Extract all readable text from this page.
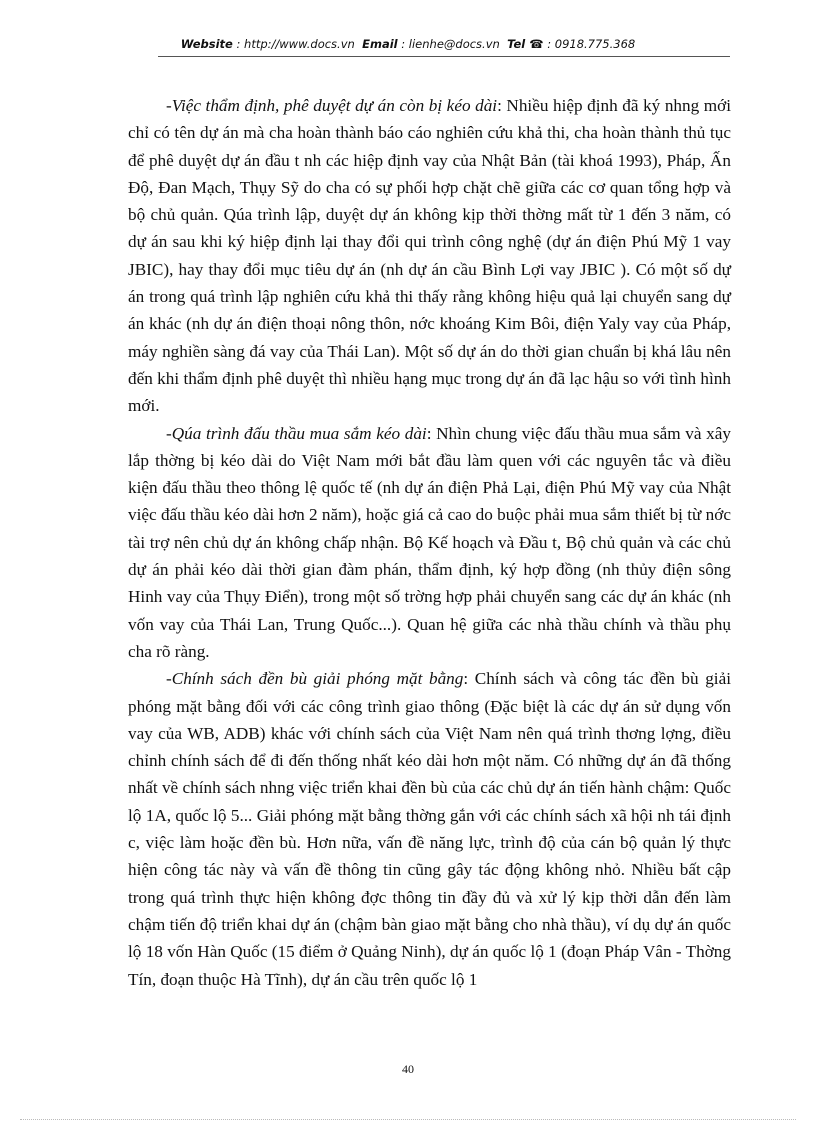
Website : http://www.docs.vn Email : lienhe@docs.vn Tel ☎ : 0918.775.368

-Việc thẩm định, phê duyệt dự án còn bị kéo dài: Nhiều hiệp định đã ký nhng mới chỉ có tên dự án mà cha hoàn thành báo cáo nghiên cứu khả thi, cha hoàn thành thủ tục để phê duyệt dự án đầu t nh các hiệp định vay của Nhật Bản (tài khoá 1993), Pháp, Ấn Độ, Đan Mạch, Thụy Sỹ do cha có sự phối hợp chặt chẽ giữa các cơ quan tổng hợp và bộ chủ quản. Qúa trình lập, duyệt dự án không kịp thời thờng mất từ 1 đến 3 năm, có dự án sau khi ký hiệp định lại thay đổi qui trình công nghệ (dự án điện Phú Mỹ 1 vay JBIC), hay thay đổi mục tiêu dự án (nh dự án cầu Bình Lợi vay JBIC ). Có một số dự án trong quá trình lập nghiên cứu khả thi thấy rằng không hiệu quả lại chuyển sang dự án khác (nh dự án điện thoại nông thôn, nớc khoáng Kim Bôi, điện Yaly vay của Pháp, máy nghiền sàng đá vay của Thái Lan). Một số dự án do thời gian chuẩn bị khá lâu nên đến khi thẩm định phê duyệt thì nhiều hạng mục trong dự án đã lạc hậu so với tình hình mới.

-Qúa trình đấu thầu mua sắm kéo dài: Nhìn chung việc đấu thầu mua sắm và xây lắp thờng bị kéo dài do Việt Nam mới bắt đầu làm quen với các nguyên tắc và điều kiện đấu thầu theo thông lệ quốc tế (nh dự án điện Phả Lại, điện Phú Mỹ vay của Nhật việc đấu thầu kéo dài hơn 2 năm), hoặc giá cả cao do buộc phải mua sắm thiết bị từ nớc tài trợ nên chủ dự án không chấp nhận. Bộ Kế hoạch và Đầu t, Bộ chủ quản và các chủ dự án phải kéo dài thời gian đàm phán, thẩm định, ký hợp đồng (nh thủy điện sông Hinh vay của Thụy Điển), trong một số trờng hợp phải chuyển sang các dự án khác (nh vốn vay của Thái Lan, Trung Quốc...). Quan hệ giữa các nhà thầu chính và thầu phụ cha rõ ràng.

-Chính sách đền bù giải phóng mặt bằng: Chính sách và công tác đền bù giải phóng mặt bằng đối với các công trình giao thông (Đặc biệt là các dự án sử dụng vốn vay của WB, ADB) khác với chính sách của Việt Nam nên quá trình thơng lợng, điều chỉnh chính sách để đi đến thống nhất kéo dài hơn một năm. Có những dự án đã thống nhất về chính sách nhng việc triển khai đền bù của các chủ dự án tiến hành chậm: Quốc lộ 1A, quốc lộ 5... Giải phóng mặt bằng thờng gắn với các chính sách xã hội nh tái định c, việc làm hoặc đền bù. Hơn nữa, vấn đề năng lực, trình độ của cán bộ quản lý thực hiện công tác này và vấn đề thông tin cũng gây tác động không nhỏ. Nhiều bất cập trong quá trình thực hiện không đợc thông tin đầy đủ và xử lý kịp thời dẫn đến làm chậm tiến độ triển khai dự án (chậm bàn giao mặt bằng cho nhà thầu), ví dụ dự án quốc lộ 18 vốn Hàn Quốc (15 điểm ở Quảng Ninh), dự án quốc lộ 1 (đoạn Pháp Vân - Thờng Tín, đoạn thuộc Hà Tĩnh), dự án cầu trên quốc lộ 1

40
